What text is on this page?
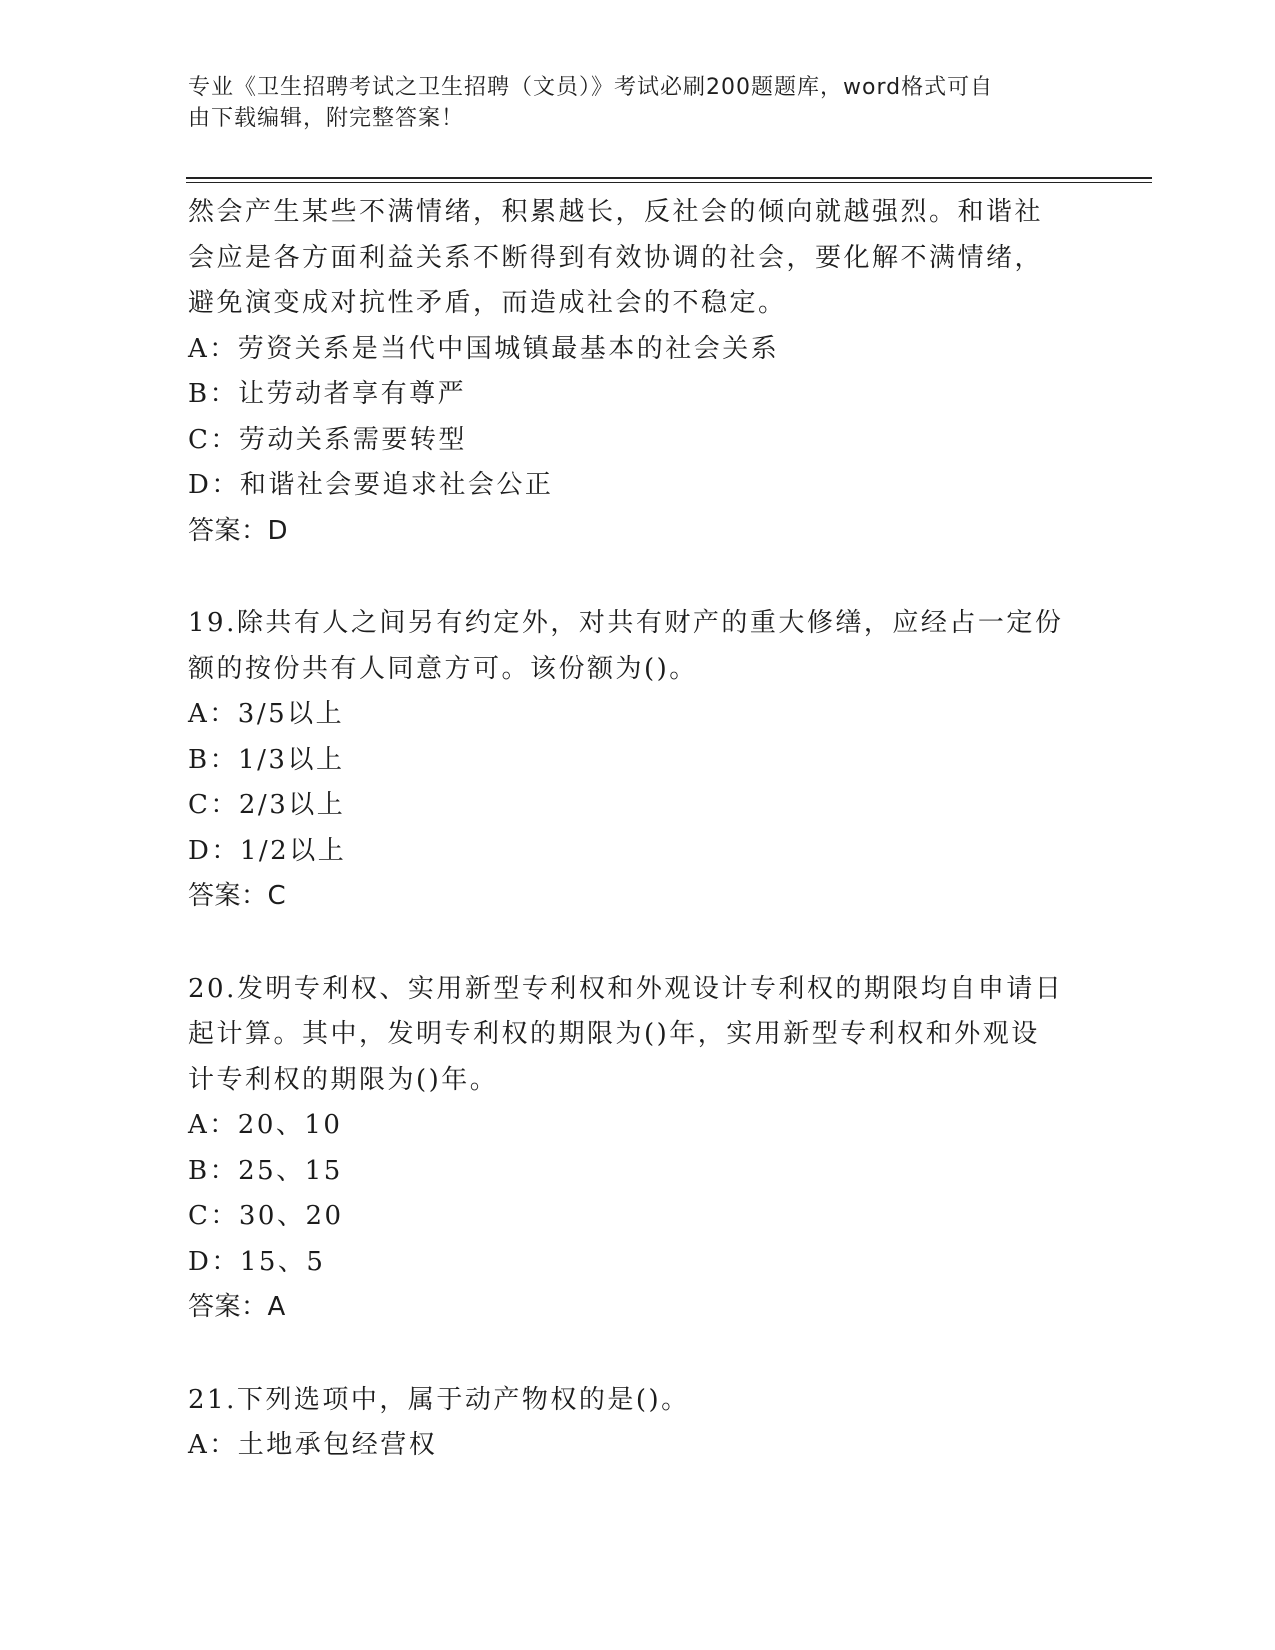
专业《卫生招聘考试之卫生招聘（文员）》考试必刷200题题库，word格式可自
由下载编辑，附完整答案！
然会产生某些不满情绪，积累越长，反社会的倾向就越强烈。和谐社
会应是各方面利益关系不断得到有效协调的社会，要化解不满情绪，
避免演变成对抗性矛盾，而造成社会的不稳定。
A：劳资关系是当代中国城镇最基本的社会关系
B：让劳动者享有尊严
C：劳动关系需要转型
D：和谐社会要追求社会公正
答案：D
19.除共有人之间另有约定外，对共有财产的重大修缮，应经占一定份
额的按份共有人同意方可。该份额为()。
A：3/5以上
B：1/3以上
C：2/3以上
D：1/2以上
答案：C
20.发明专利权、实用新型专利权和外观设计专利权的期限均自申请日
起计算。其中，发明专利权的期限为()年，实用新型专利权和外观设
计专利权的期限为()年。
A：20、10
B：25、15
C：30、20
D：15、5
答案：A
21.下列选项中，属于动产物权的是()。
A：土地承包经营权
